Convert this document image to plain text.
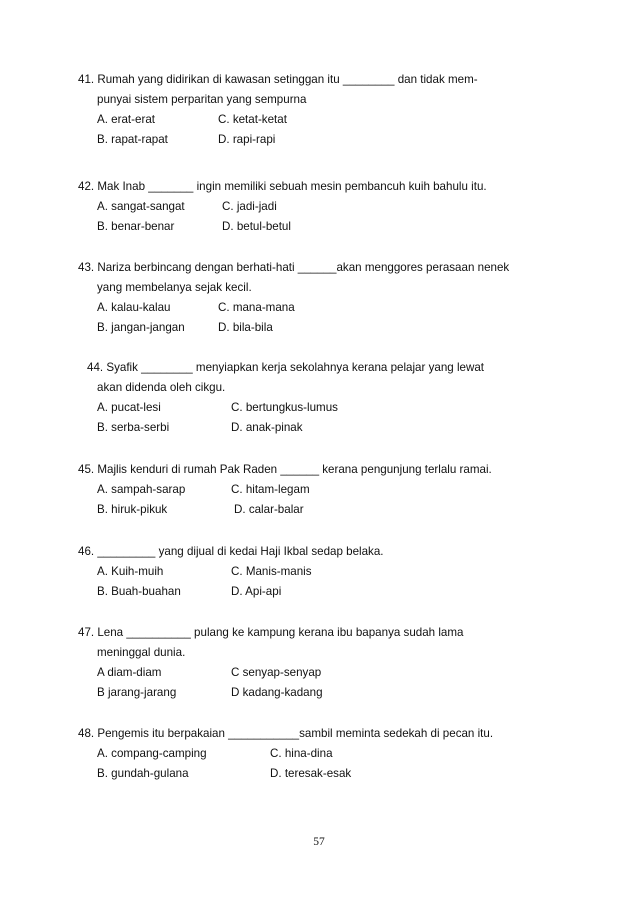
41. Rumah yang didirikan di kawasan setinggan itu ________ dan tidak mem-
punyai sistem perparitan yang sempurna
A. erat-erat	C. ketat-ketat
B. rapat-rapat	D. rapi-rapi
42. Mak Inab _______ ingin memiliki sebuah mesin pembancuh kuih bahulu itu.
A. sangat-sangat	C. jadi-jadi
B. benar-benar	D. betul-betul
43. Nariza berbincang dengan berhati-hati ______akan menggores perasaan nenek
yang membelanya sejak kecil.
A. kalau-kalau	C. mana-mana
B. jangan-jangan	D. bila-bila
44. Syafik ________ menyiapkan kerja sekolahnya kerana pelajar yang lewat
akan didenda oleh cikgu.
A. pucat-lesi	C. bertungkus-lumus
B. serba-serbi	D. anak-pinak
45. Majlis kenduri di rumah Pak Raden ______ kerana pengunjung terlalu ramai.
A. sampah-sarap	C. hitam-legam
B. hiruk-pikuk	D. calar-balar
46. _________ yang dijual di kedai Haji Ikbal sedap belaka.
A. Kuih-muih	C. Manis-manis
B. Buah-buahan	D. Api-api
47. Lena __________ pulang ke kampung kerana ibu bapanya sudah lama
meninggal dunia.
A diam-diam	C senyap-senyap
B jarang-jarang	D kadang-kadang
48. Pengemis itu berpakaian ___________sambil meminta sedekah di pecan itu.
A. compang-camping	C. hina-dina
B. gundah-gulana	D. teresak-esak
57
